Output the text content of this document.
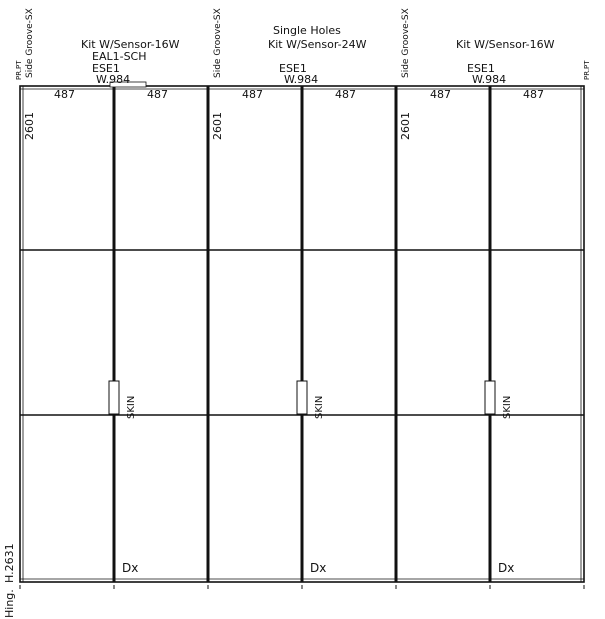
PR.PT Side Groove-SX
H.2631
Hing.
PR.PT
Side Groove-SX	Side Groove-SX
Kit W/Sensor-16W
EAL1-SCH
ESE1
W.984
Single Holes
Kit W/Sensor-24W
ESE1
W.984
Kit W/Sensor-16W
ESE1
W.984
487	487	487	487	487	487
2601	2601	2601
SKIN	SKIN	SKIN
Dx	Dx	Dx
